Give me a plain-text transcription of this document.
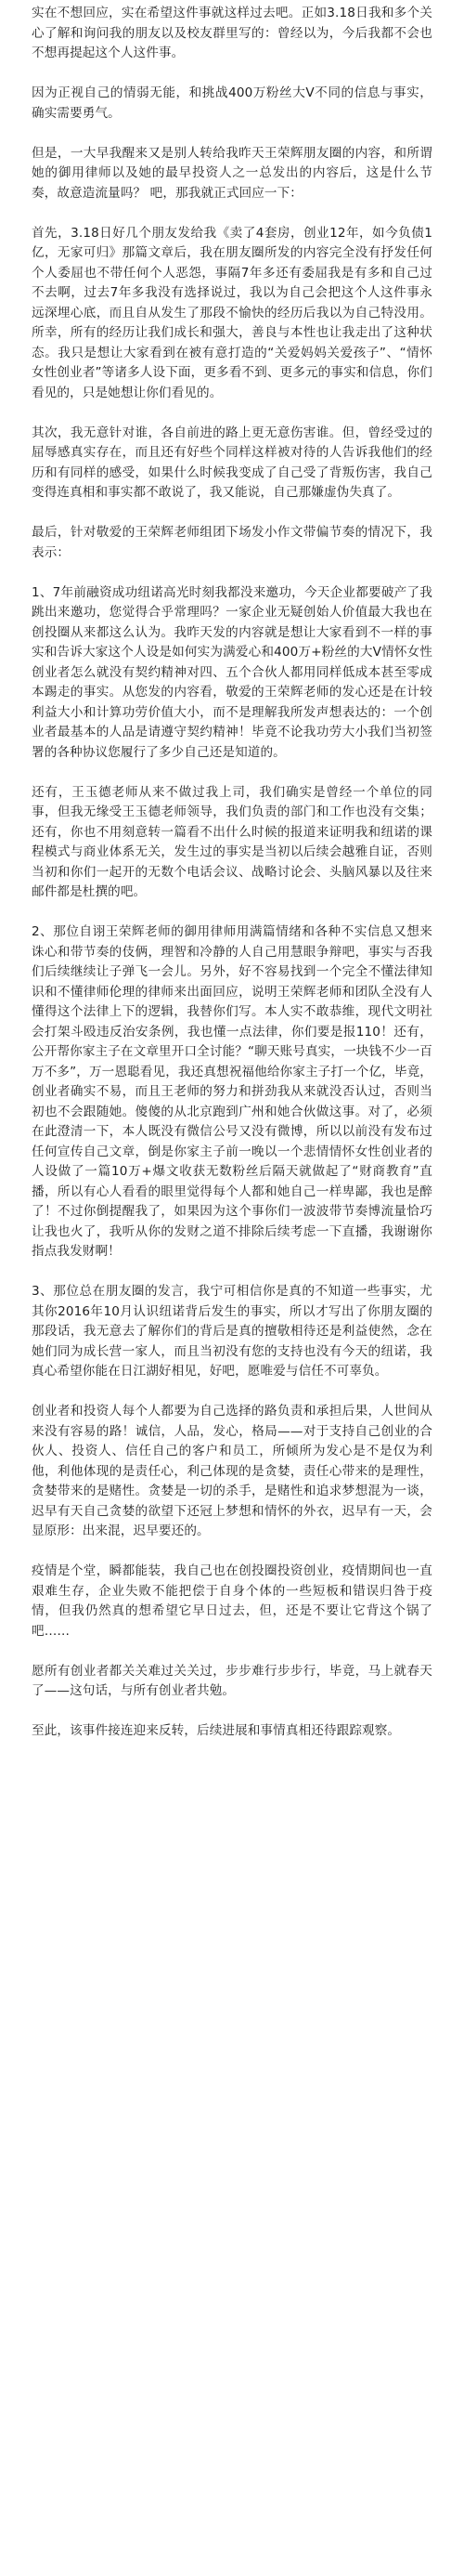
实在不想回应，实在希望这件事就这样过去吧。正如3.18日我和多个关心了解和询问我的朋友以及校友群里写的：曾经以为，今后我都不会也不想再提起这个人这件事。

因为正视自己的情弱无能，和挑战400万粉丝大V不同的信息与事实，确实需要勇气。

但是，一大早我醒来又是别人转给我昨天王荣辉朋友圈的内容，和所谓她的御用律师以及她的最早投资人之一总发出的内容后，这是什么节奏，故意造流量吗？ 吧，那我就正式回应一下：

首先，3.18日好几个朋友发给我《卖了4套房，创业12年，如今负债1亿，无家可归》那篇文章后，我在朋友圈所发的内容完全没有抒发任何个人委屈也不带任何个人恶怨，事隔7年多还有委屈我是有多和自己过不去啊，过去7年多我没有选择说过，我以为自己会把这个人这件事永远深埋心底，而且自从发生了那段不愉快的经历后我以为自己特没用。所幸，所有的经历让我们成长和强大，善良与本性也让我走出了这种状态。我只是想让大家看到在被有意打造的“关爱妈妈关爱孩子”、“情怀女性创业者”等诸多人设下面，更多看不到、更多元的事实和信息，你们看见的，只是她想让你们看见的。

其次，我无意针对谁，各自前进的路上更无意伤害谁。但，曾经受过的屈辱感真实存在，而且还有好些个同样这样被对待的人告诉我他们的经历和有同样的感受，如果什么时候我变成了自己受了背叛伤害，我自己变得连真相和事实都不敢说了，我又能说，自己那嫌虚伪失真了。

最后，针对敬爱的王荣辉老师组团下场发小作文带偏节奏的情况下，我表示：

1、7年前融资成功纽诺高光时刻我都没来邀功，今天企业都要破产了我跳出来邀功，您觉得合乎常理吗？一家企业无疑创始人价值最大我也在创投圈从来都这么认为。我昨天发的内容就是想让大家看到不一样的事实和告诉大家这个人设是如何实为满爱心和400万+粉丝的大V情怀女性创业者怎么就没有契约精神对四、五个合伙人都用同样低成本甚至零成本踢走的事实。从您发的内容看，敬爱的王荣辉老师的发心还是在计较利益大小和计算功劳价值大小，而不是理解我所发声想表达的：一个创业者最基本的人品是请遵守契约精神！毕竟不论我功劳大小我们当初签署的各种协议您履行了多少自己还是知道的。

还有，王玉德老师从来不做过我上司，我们确实是曾经一个单位的同事，但我无缘受王玉德老师领导，我们负责的部门和工作也没有交集；还有，你也不用刻意转一篇看不出什么时候的报道来证明我和纽诺的课程模式与商业体系无关，发生过的事实是当初以后续会越雅自证，否则当初和你们一起开的无数个电话会议、战略讨论会、头脑风暴以及往来邮件都是杜撰的吧。

2、那位自诩王荣辉老师的御用律师用满篇情绪和各种不实信息又想来诛心和带节奏的伎俩，理智和冷静的人自己用慧眼争辩吧，事实与否我们后续继续让子弹飞一会儿。另外，好不容易找到一个完全不懂法律知识和不懂律师伦理的律师来出面回应，说明王荣辉老师和团队全没有人懂得这个法律上下的逻辑，我替你们写。本人实不敢恭维，现代文明社会打架斗殴违反治安条例，我也懂一点法律，你们要是报110！还有，公开帮你家主子在文章里开口全讨能？“聊天账号真实，一块钱不少一百万不多”，万一恩聪看见，我还真想祝福他给你家主子打一个亿，毕竟，创业者确实不易，而且王老师的努力和拼劲我从来就没否认过，否则当初也不会跟随她。傻傻的从北京跑到广州和她合伙做这事。对了，必须在此澄清一下，本人既没有微信公号又没有微博，所以以前没有发布过任何宣传自己文章，倒是你家主子前一晚以一个悲情情怀女性创业者的人设做了一篇10万+爆文收获无数粉丝后隔天就做起了“财商教育”直播，所以有心人看看的眼里觉得每个人都和她自己一样卑鄙，我也是醉了！不过你倒提醒我了，如果因为这个事你们一波波带节奏博流量恰巧让我也火了，我听从你的发财之道不排除后续考虑一下直播，我谢谢你指点我发财啊！

3、那位总在朋友圈的发言，我宁可相信你是真的不知道一些事实，尤其你2016年10月认识纽诺背后发生的事实，所以才写出了你朋友圈的那段话，我无意去了解你们的背后是真的擅敬相待还是利益使然，念在她们同为成长营一家人，而且当初没有您的支持也没有今天的纽诺，我真心希望你能在日江湖好相见，好吧，愿唯爱与信任不可辜负。

创业者和投资人每个人都要为自己选择的路负责和承担后果，人世间从来没有容易的路！诚信，人品，发心，格局——对于支持自己创业的合伙人、投资人、信任自己的客户和员工，所倾所为发心是不是仅为利他，利他体现的是责任心，利己体现的是贪婪，责任心带来的是理性，贪婪带来的是赌性。贪婪是一切的杀手，是赌性和追求梦想混为一谈，迟早有天自己贪婪的欲望下还冠上梦想和情怀的外衣，迟早有一天，会显原形：出来混，迟早要还的。

疫情是个堂，瞬都能装，我自己也在创投圈投资创业，疫情期间也一直艰难生存，企业失败不能把偿于自身个体的一些短板和错误归咎于疫情，但我仍然真的想希望它早日过去，但，还是不要让它背这个锅了吧……

愿所有创业者都关关难过关关过，步步难行步步行，毕竟，马上就春天了——这句话，与所有创业者共勉。

至此，该事件接连迎来反转，后续进展和事情真相还待跟踪观察。
